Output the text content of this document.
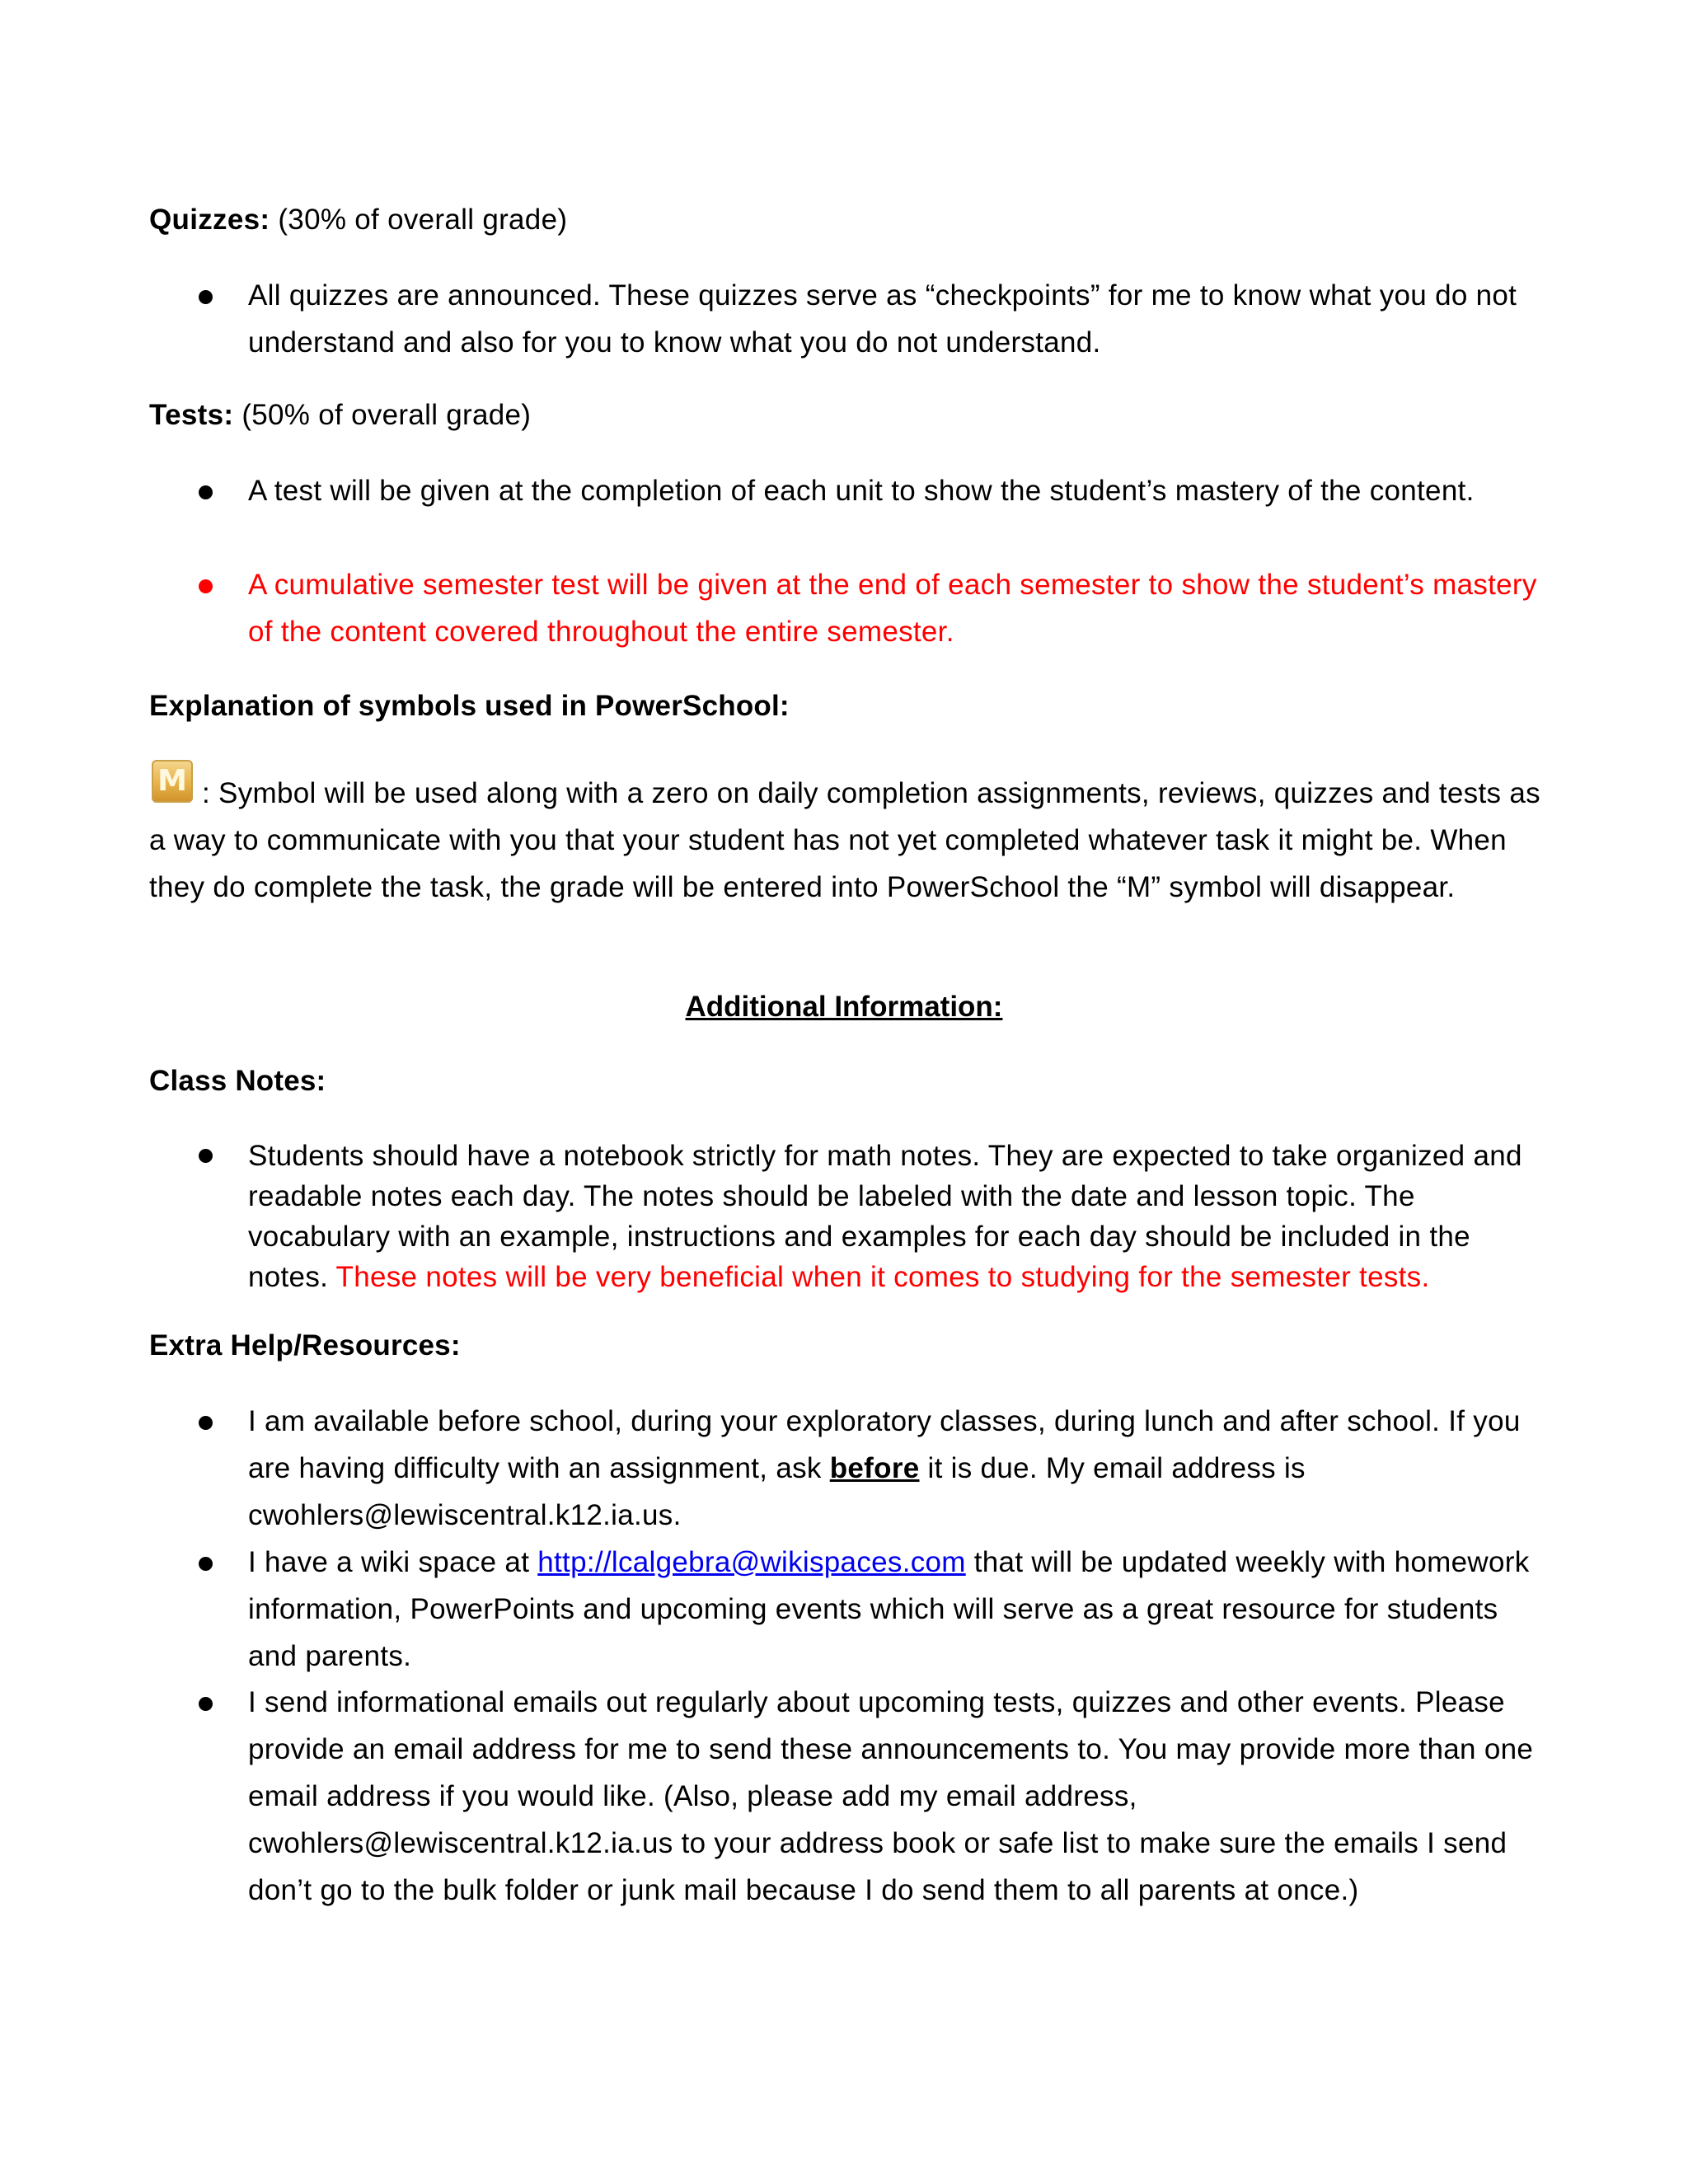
Quizzes: (30% of overall grade)

All quizzes are announced. These quizzes serve as “checkpoints” for me to know what you do not understand and also for you to know what you do not understand.

Tests: (50% of overall grade)

A test will be given at the completion of each unit to show the student’s mastery of the content.

A cumulative semester test will be given at the end of each semester to show the student’s mastery of the content covered throughout the entire semester.

Explanation of symbols used in PowerSchool:

M : Symbol will be used along with a zero on daily completion assignments, reviews, quizzes and tests as a way to communicate with you that your student has not yet completed whatever task it might be. When they do complete the task, the grade will be entered into PowerSchool the “M” symbol will disappear.

Additional Information:

Class Notes:

Students should have a notebook strictly for math notes. They are expected to take organized and readable notes each day. The notes should be labeled with the date and lesson topic. The vocabulary with an example, instructions and examples for each day should be included in the notes. These notes will be very beneficial when it comes to studying for the semester tests.

Extra Help/Resources:

I am available before school, during your exploratory classes, during lunch and after school. If you are having difficulty with an assignment, ask before it is due. My email address is cwohlers@lewiscentral.k12.ia.us.

I have a wiki space at http://lcalgebra@wikispaces.com that will be updated weekly with homework information, PowerPoints and upcoming events which will serve as a great resource for students and parents.

I send informational emails out regularly about upcoming tests, quizzes and other events. Please provide an email address for me to send these announcements to. You may provide more than one email address if you would like. (Also, please add my email address, cwohlers@lewiscentral.k12.ia.us to your address book or safe list to make sure the emails I send don’t go to the bulk folder or junk mail because I do send them to all parents at once.)
